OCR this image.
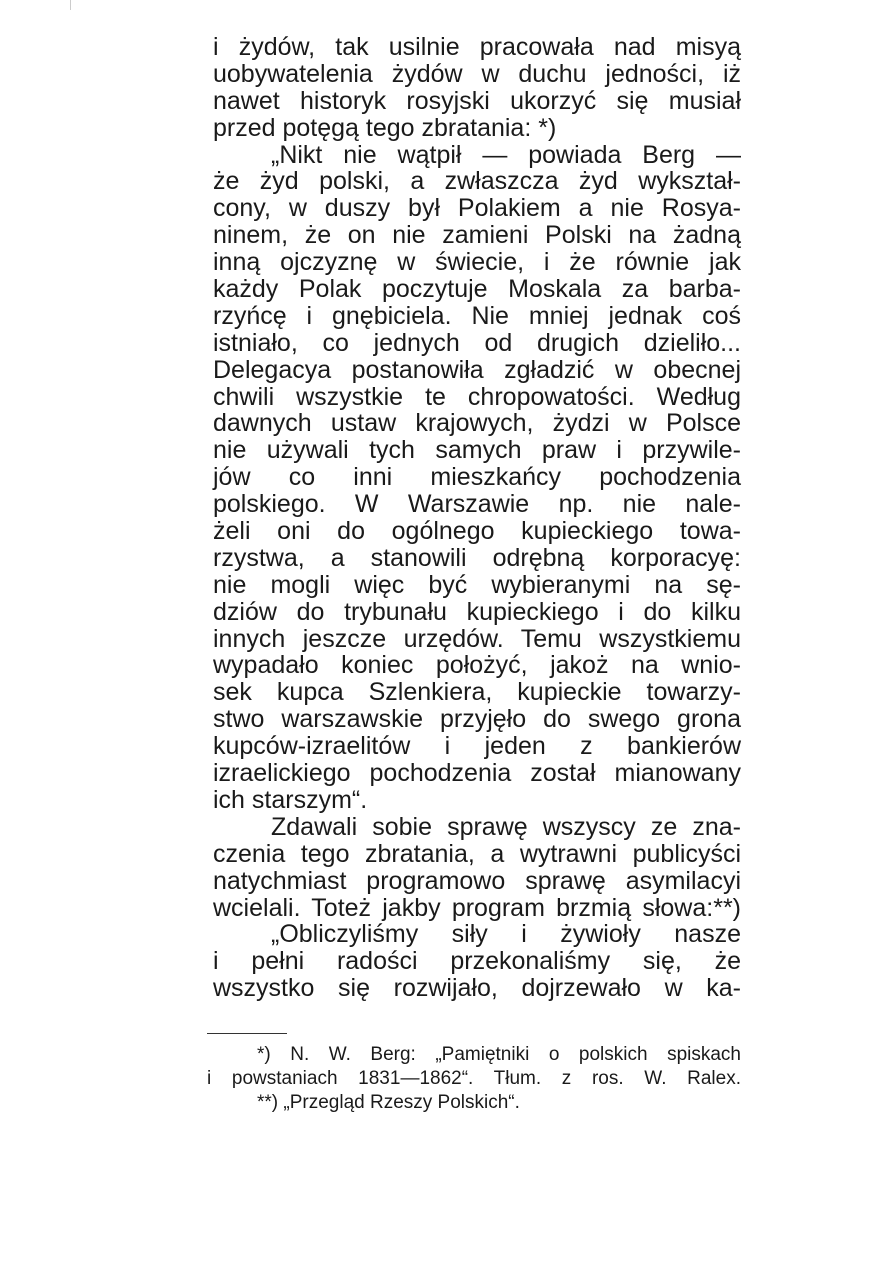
i żydów, tak usilnie pracowała nad misyą
uobywatelenia żydów w duchu jedności, iż
nawet historyk rosyjski ukorzyć się musiał
przed potęgą tego zbratania: *)
„Nikt nie wątpił — powiada Berg —
że żyd polski, a zwłaszcza żyd wykształ-
cony, w duszy był Polakiem a nie Rosya-
ninem, że on nie zamieni Polski na żadną
inną ojczyznę w świecie, i że równie jak
każdy Polak poczytuje Moskala za barba-
rzyńcę i gnębiciela. Nie mniej jednak coś
istniało, co jednych od drugich dzieliło...
Delegacya postanowiła zgładzić w obecnej
chwili wszystkie te chropowatości. Według
dawnych ustaw krajowych, żydzi w Polsce
nie używali tych samych praw i przywile-
jów co inni mieszkańcy pochodzenia
polskiego. W Warszawie np. nie nale-
żeli oni do ogólnego kupieckiego towa-
rzystwa, a stanowili odrębną korporacyę:
nie mogli więc być wybieranymi na sę-
dziów do trybunału kupieckiego i do kilku
innych jeszcze urzędów. Temu wszystkiemu
wypadało koniec położyć, jakoż na wnio-
sek kupca Szlenkiera, kupieckie towarzy-
stwo warszawskie przyjęło do swego grona
kupców-izraelitów i jeden z bankierów
izraelickiego pochodzenia został mianowany
ich starszym“.
Zdawali sobie sprawę wszyscy ze zna-
czenia tego zbratania, a wytrawni publicyści
natychmiast programowo sprawę asymilacyi
wcielali. Toteż jakby program brzmią słowa:**)
„Obliczyliśmy siły i żywioły nasze
i pełni radości przekonaliśmy się, że
wszystko się rozwijało, dojrzewało w ka-
*) N. W. Berg: „Pamiętniki o polskich spiskach
i powstaniach 1831—1862“. Tłum. z ros. W. Ralex.
**) „Przegląd Rzeszy Polskich“.
